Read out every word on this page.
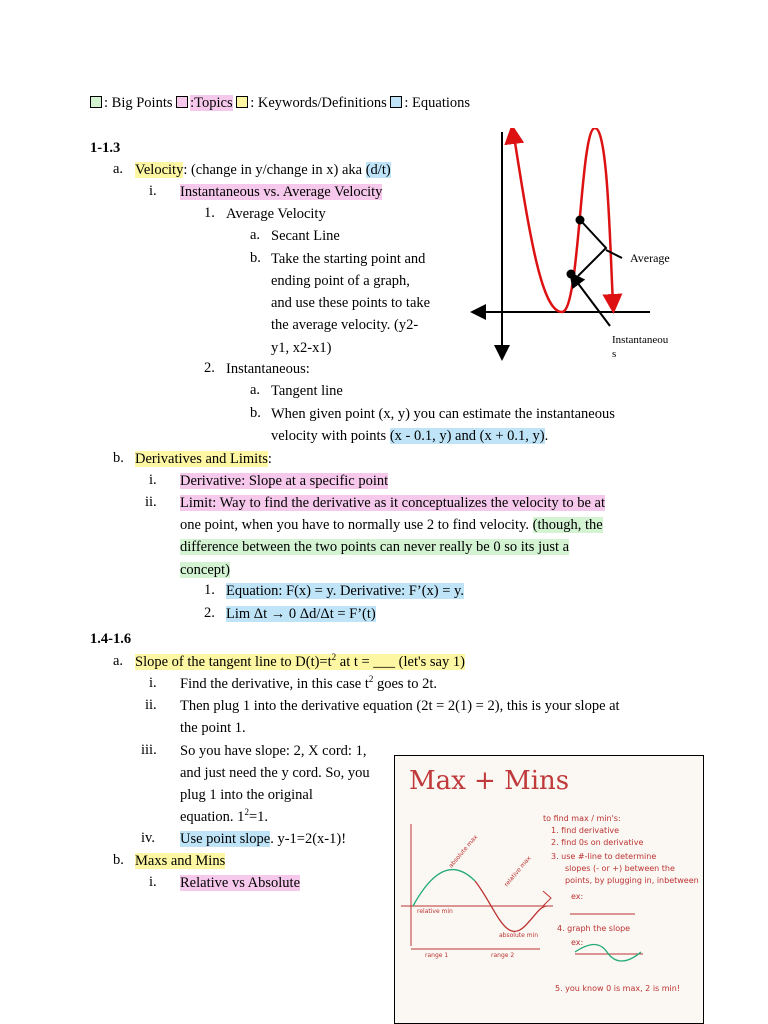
: Big Points :Topics : Keywords/Definitions : Equations
1-1.3
a. Velocity: (change in y/change in x) aka (d/t)
i. Instantaneous vs. Average Velocity
1. Average Velocity
a. Secant Line
b. Take the starting point and
ending point of a graph,
and use these points to take
the average velocity. (y2-
y1, x2-x1)
2. Instantaneous:
a. Tangent line
b. When given point (x, y) you can estimate the instantaneous
velocity with points (x - 0.1, y) and (x + 0.1, y).
b. Derivatives and Limits:
i. Derivative: Slope at a specific point
ii. Limit: Way to find the derivative as it conceptualizes the velocity to be at
one point, when you have to normally use 2 to find velocity. (though, the
difference between the two points can never really be 0 so its just a
concept)
1. Equation: F(x) = y. Derivative: F’(x) = y.
2. Lim Δt → 0 Δd/Δt = F’(t)
1.4-1.6
a. Slope of the tangent line to $D(t)=t^2$ at t = ___ (let's say 1)
i. Find the derivative, in this case $t^2$ goes to 2t.
ii. Then plug 1 into the derivative equation (2t = 2(1) = 2), this is your slope at
the point 1.
iii. So you have slope: 2, X cord: 1,
and just need the y cord. So, you
plug 1 into the original
equation. $1^2=1$.
iv. Use point slope. y-1=2(x-1)!
b. Maxs and Mins
i. Relative vs Absolute
Average
Instantaneou
s
Max + Mins
to find max / min's:
1. find derivative
2. find 0s on derivative
3. use #-line to determine
slopes (- or +) between the
points, by plugging in, inbetween
ex:
4. graph the slope
ex:
5. you know 0 is max, 2 is min!
absolute max
relative max
relative min
absolute min
range 1	range 2
